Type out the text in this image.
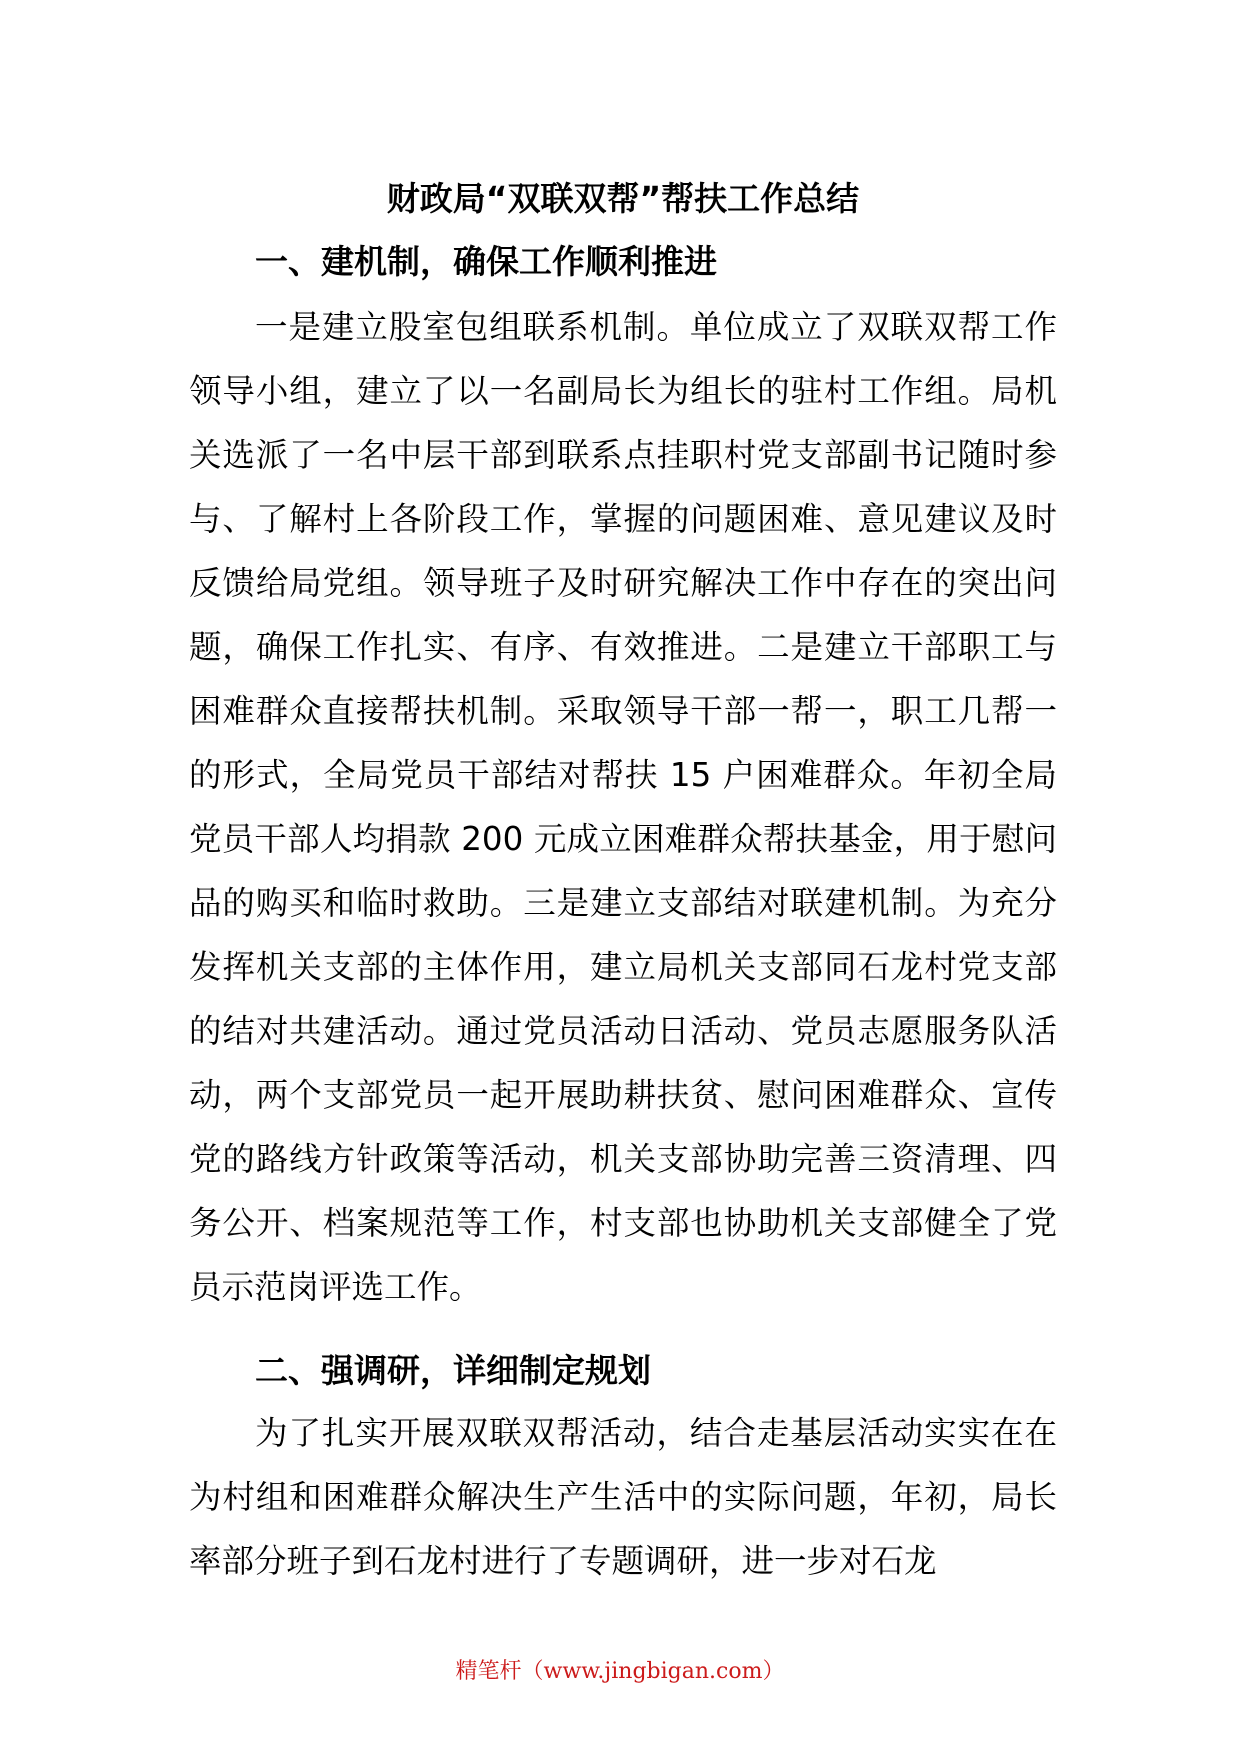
财政局“双联双帮”帮扶工作总结
一、建机制，确保工作顺利推进

一是建立股室包组联系机制。单位成立了双联双帮工作领导小组，建立了以一名副局长为组长的驻村工作组。局机关选派了一名中层干部到联系点挂职村党支部副书记随时参与、了解村上各阶段工作，掌握的问题困难、意见建议及时反馈给局党组。领导班子及时研究解决工作中存在的突出问题，确保工作扎实、有序、有效推进。二是建立干部职工与困难群众直接帮扶机制。采取领导干部一帮一，职工几帮一的形式，全局党员干部结对帮扶 15 户困难群众。年初全局党员干部人均捐款 200 元成立困难群众帮扶基金，用于慰问品的购买和临时救助。三是建立支部结对联建机制。为充分发挥机关支部的主体作用，建立局机关支部同石龙村党支部的结对共建活动。通过党员活动日活动、党员志愿服务队活动，两个支部党员一起开展助耕扶贫、慰问困难群众、宣传党的路线方针政策等活动，机关支部协助完善三资清理、四务公开、档案规范等工作，村支部也协助机关支部健全了党员示范岗评选工作。

二、强调研，详细制定规划

为了扎实开展双联双帮活动，结合走基层活动实实在在为村组和困难群众解决生产生活中的实际问题，年初，局长率部分班子到石龙村进行了专题调研，进一步对石龙

精笔杆（www.jingbigan.com）
